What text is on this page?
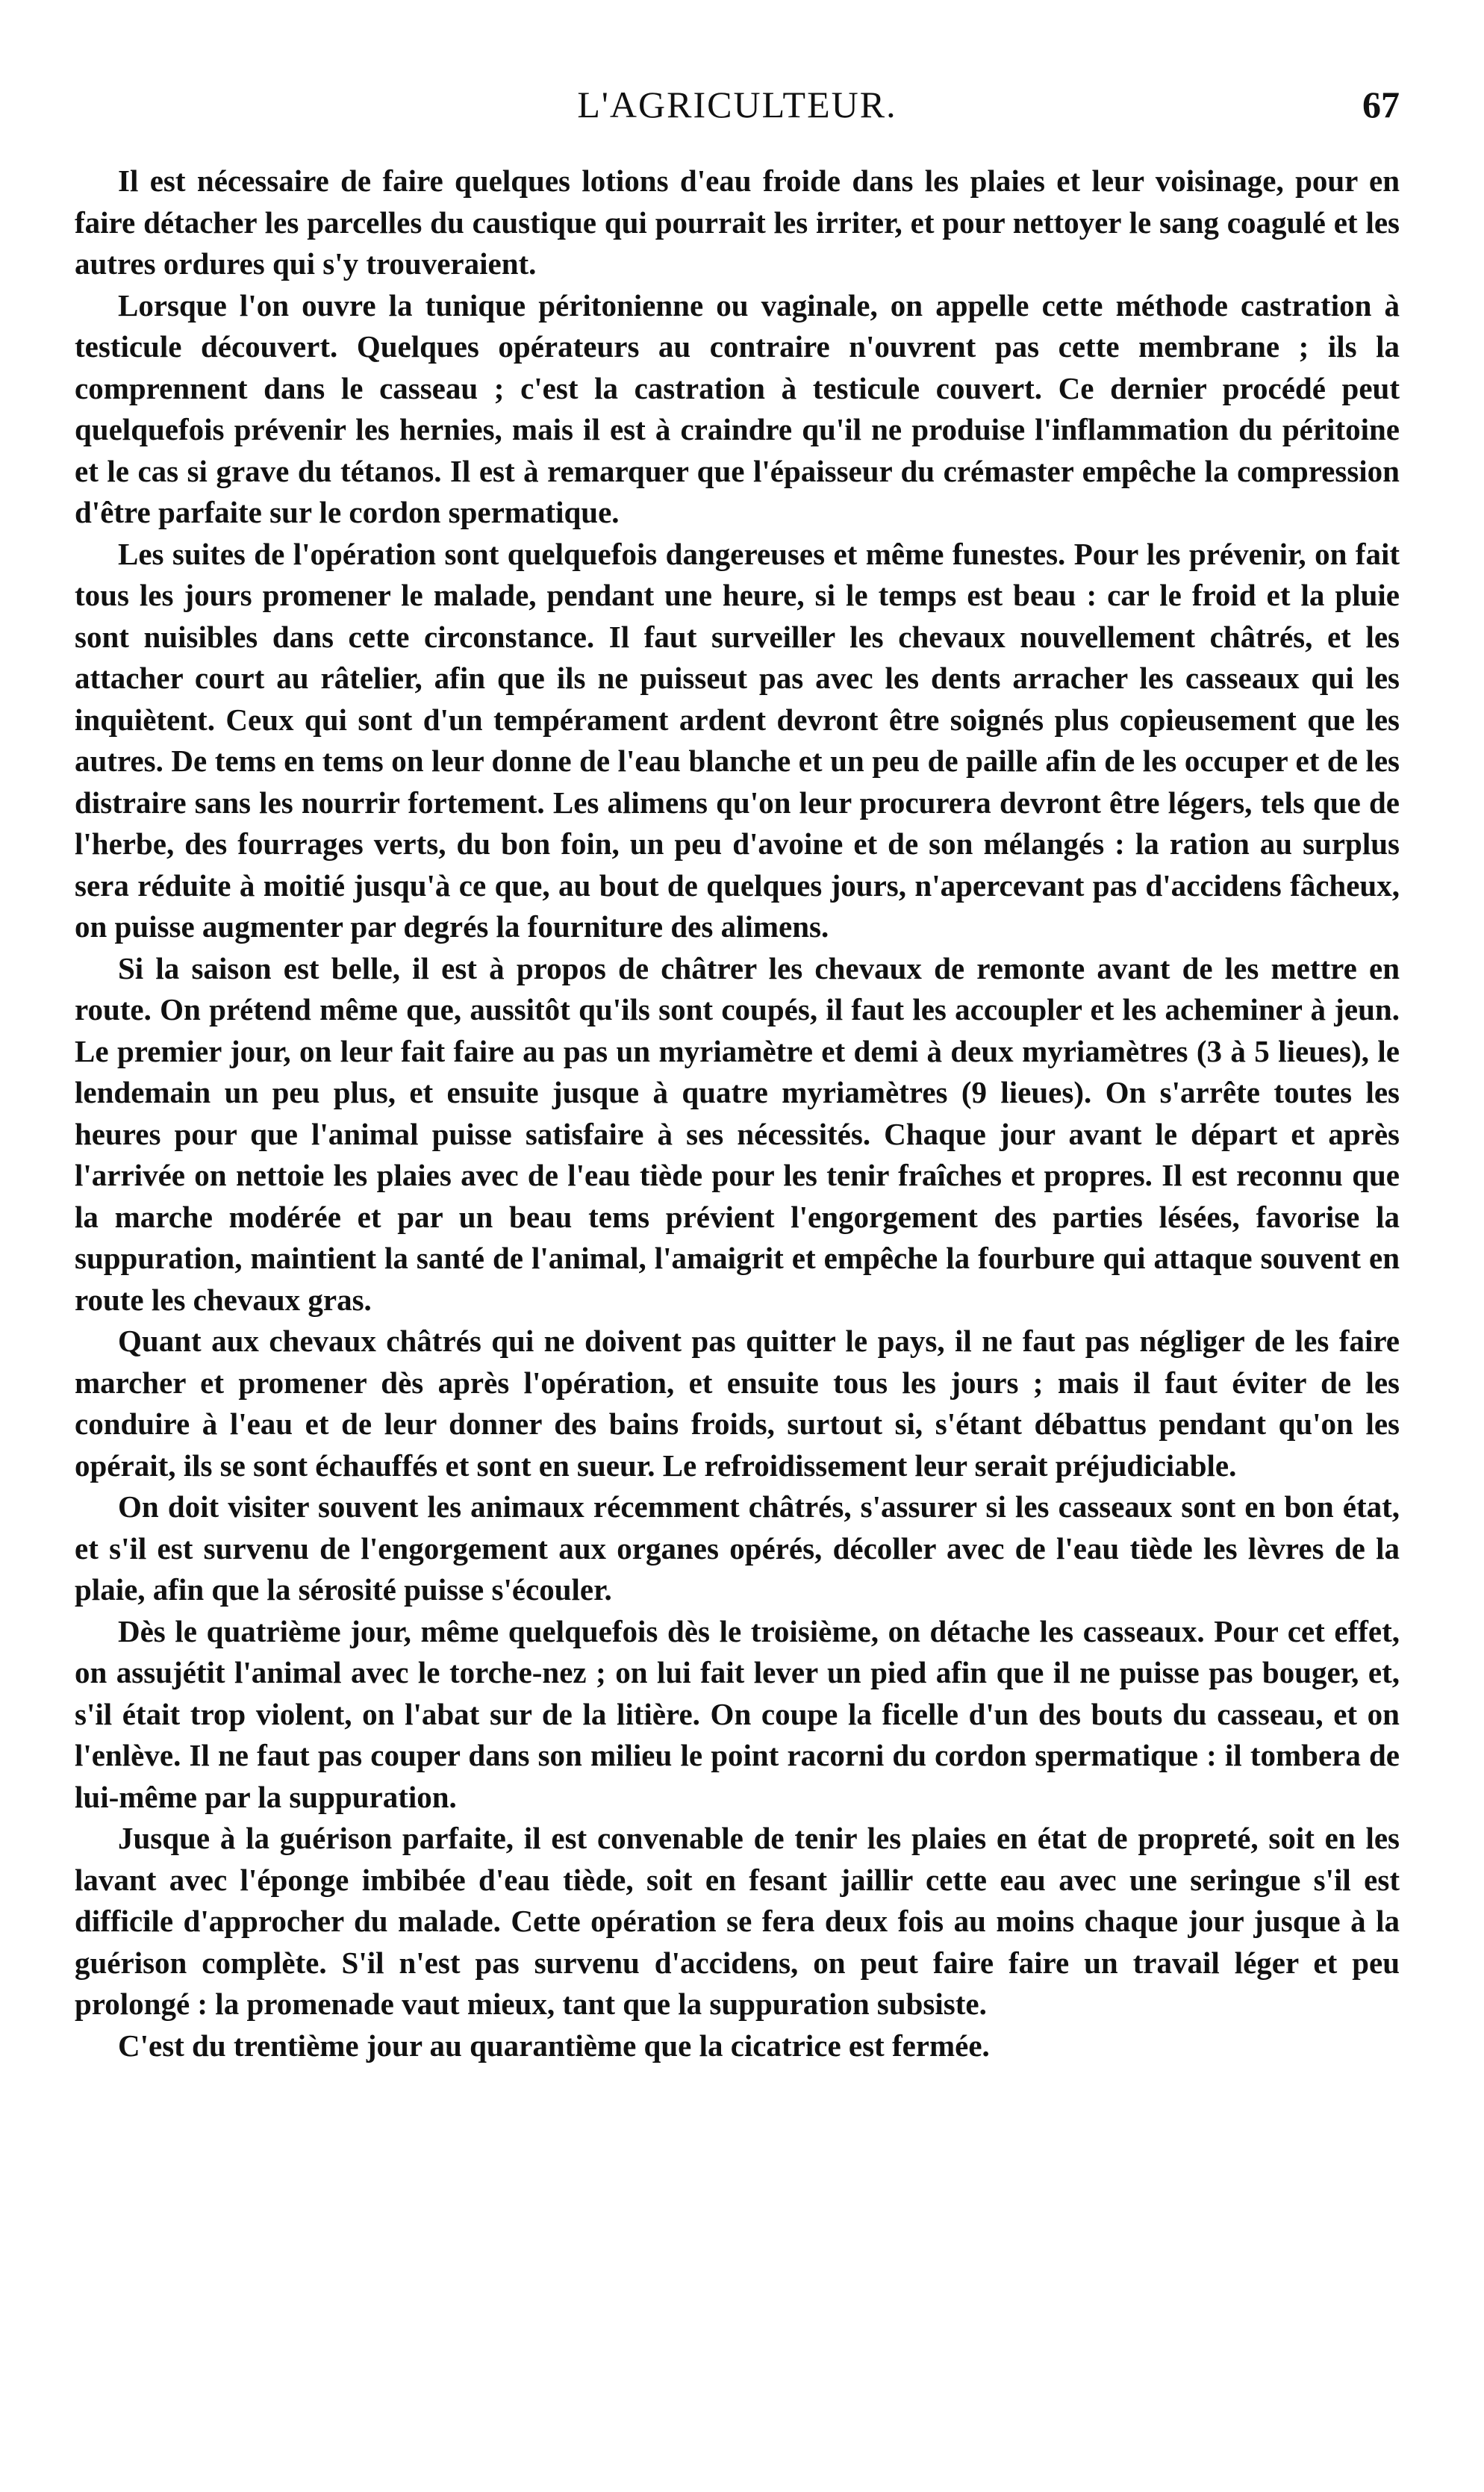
L'AGRICULTEUR.	67

Il est nécessaire de faire quelques lotions d'eau froide dans les plaies et leur voisinage, pour en faire détacher les parcelles du caustique qui pourrait les irriter, et pour nettoyer le sang coagulé et les autres ordures qui s'y trouveraient.

Lorsque l'on ouvre la tunique péritonienne ou vaginale, on appelle cette méthode castration à testicule découvert. Quelques opérateurs au contraire n'ouvrent pas cette membrane ; ils la comprennent dans le casseau ; c'est la castration à testicule couvert. Ce dernier procédé peut quelquefois prévenir les hernies, mais il est à craindre qu'il ne produise l'inflammation du péritoine et le cas si grave du tétanos. Il est à remarquer que l'épaisseur du crémaster empêche la compression d'être parfaite sur le cordon spermatique.

Les suites de l'opération sont quelquefois dangereuses et même funestes. Pour les prévenir, on fait tous les jours promener le malade, pendant une heure, si le temps est beau : car le froid et la pluie sont nuisibles dans cette circonstance. Il faut surveiller les chevaux nouvellement châtrés, et les attacher court au râtelier, afin que ils ne puisseut pas avec les dents arracher les casseaux qui les inquiètent. Ceux qui sont d'un tempérament ardent devront être soignés plus copieusement que les autres. De tems en tems on leur donne de l'eau blanche et un peu de paille afin de les occuper et de les distraire sans les nourrir fortement. Les alimens qu'on leur procurera devront être légers, tels que de l'herbe, des fourrages verts, du bon foin, un peu d'avoine et de son mélangés : la ration au surplus sera réduite à moitié jusqu'à ce que, au bout de quelques jours, n'apercevant pas d'accidens fâcheux, on puisse augmenter par degrés la fourniture des alimens.

Si la saison est belle, il est à propos de châtrer les chevaux de remonte avant de les mettre en route. On prétend même que, aussitôt qu'ils sont coupés, il faut les accoupler et les acheminer à jeun. Le premier jour, on leur fait faire au pas un myriamètre et demi à deux myriamètres (3 à 5 lieues), le lendemain un peu plus, et ensuite jusque à quatre myriamètres (9 lieues). On s'arrête toutes les heures pour que l'animal puisse satisfaire à ses nécessités. Chaque jour avant le départ et après l'arrivée on nettoie les plaies avec de l'eau tiède pour les tenir fraîches et propres. Il est reconnu que la marche modérée et par un beau tems prévient l'engorgement des parties lésées, favorise la suppuration, maintient la santé de l'animal, l'amaigrit et empêche la fourbure qui attaque souvent en route les chevaux gras.

Quant aux chevaux châtrés qui ne doivent pas quitter le pays, il ne faut pas négliger de les faire marcher et promener dès après l'opération, et ensuite tous les jours ; mais il faut éviter de les conduire à l'eau et de leur donner des bains froids, surtout si, s'étant débattus pendant qu'on les opérait, ils se sont échauffés et sont en sueur. Le refroidissement leur serait préjudiciable.

On doit visiter souvent les animaux récemment châtrés, s'assurer si les casseaux sont en bon état, et s'il est survenu de l'engorgement aux organes opérés, décoller avec de l'eau tiède les lèvres de la plaie, afin que la sérosité puisse s'écouler.

Dès le quatrième jour, même quelquefois dès le troisième, on détache les casseaux. Pour cet effet, on assujétit l'animal avec le torche-nez ; on lui fait lever un pied afin que il ne puisse pas bouger, et, s'il était trop violent, on l'abat sur de la litière. On coupe la ficelle d'un des bouts du casseau, et on l'enlève. Il ne faut pas couper dans son milieu le point racorni du cordon spermatique : il tombera de lui-même par la suppuration.

Jusque à la guérison parfaite, il est convenable de tenir les plaies en état de propreté, soit en les lavant avec l'éponge imbibée d'eau tiède, soit en fesant jaillir cette eau avec une seringue s'il est difficile d'approcher du malade. Cette opération se fera deux fois au moins chaque jour jusque à la guérison complète. S'il n'est pas survenu d'accidens, on peut faire faire un travail léger et peu prolongé : la promenade vaut mieux, tant que la suppuration subsiste.

C'est du trentième jour au quarantième que la cicatrice est fermée.
